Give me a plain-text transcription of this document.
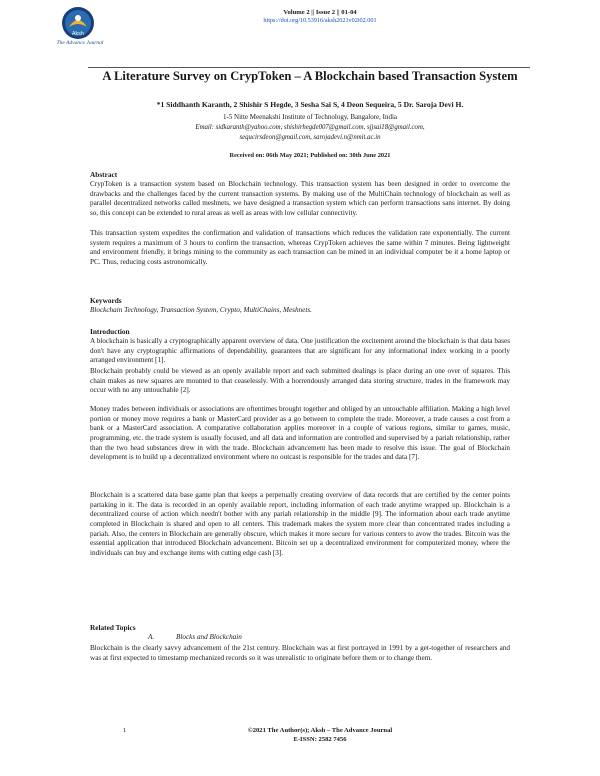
Aksh
The Advance Journal
Volume 2 || Issue 2 || 01-04
https://doi.org/10.53916/aksh2021v02i02.001
A Literature Survey on CrypToken – A Blockchain based Transaction System
*1 Siddhanth Karanth, 2 Shishir S Hegde, 3 Sesha Sai S, 4 Deon Sequeira, 5 Dr. Saroja Devi H.
1-5 Nitte Meenakshi Institute of Technology, Bangalore, India
Email: sidkaranth@yahoo.com, shishirhegde007@gmail.com, sjjsai18@gmail.com,
sequcirsdeon@gmail.com, sarojadevi.n@nmit.ac.in
Received on: 06th May 2021; Published on: 30th June 2021
Abstract
CrypToken is a transaction system based on Blockchain technology. This transaction system has been designed in order to overcome the drawbacks and the challenges faced by the current transaction systems. By making use of the MultiChain technology of blockchain as well as parallel decentralized networks called meshnets, we have designed a transaction system which can perform transactions sans internet. By doing so, this concept can be extended to rural areas as well as areas with low cellular connectivity.
This transaction system expedites the confirmation and validation of transactions which reduces the validation rate exponentially. The current system requires a maximum of 3 hours to confirm the transaction, whereas CrypToken achieves the same within 7 minutes. Being lightweight and environment friendly, it brings mining to the community as each transaction can be mined in an individual computer be it a home laptop or PC. Thus, reducing costs astronomically.
Keywords
Blockchain Technology, Transaction System, Crypto, MultiChains, Meshnets.
Introduction
A blockchain is basically a cryptographically apparent overview of data. One justification the excitement around the blockchain is that data bases don't have any cryptographic affirmations of dependability, guarantees that are significant for any informational index working in a poorly arranged environment [1].
Blockchain probably could be viewed as an openly available report and each submitted dealings is place during an one over of squares. This chain makes as new squares are mounted to that ceaselessly. With a horrendously arranged data storing structure, trades in the framework may occur with no any untouchable [2].
Money trades between individuals or associations are oftentimes brought together and obliged by an untouchable affiliation. Making a high level portion or money move requires a bank or MasterCard provider as a go between to complete the trade. Moreover, a trade causes a cost from a bank or a MasterCard association. A comparative collaboration applies moreover in a couple of various regions, similar to games, music, programming, etc. the trade system is usually focused, and all data and information are controlled and supervised by a pariah relationship, rather than the two head substances drew in with the trade. Blockchain advancement has been made to resolve this issue. The goal of Blockchain development is to build up a decentralized environment where no outcast is responsible for the trades and data [7].
Blockchain is a scattered data base game plan that keeps a perpetually creating overview of data records that are certified by the center points partaking in it. The data is recorded in an openly available report, including information of each trade anytime wrapped up. Blockchain is a decentralized course of action which needn't bother with any pariah relationship in the middle [9]. The information about each trade anytime completed in Blockchain is shared and open to all centers. This trademark makes the system more clear than concentrated trades including a pariah. Also, the centers in Blockchain are generally obscure, which makes it more secure for various centers to avow the trades. Bitcoin was the essential application that introduced Blockchain advancement. Bitcoin set up a decentralized environment for computerized money, where the individuals can buy and exchange items with cutting edge cash [3].
Related Topics
A.	Blocks and Blockchain
Blockchain is the clearly savvy advancement of the 21st century. Blockchain was at first portrayed in 1991 by a get-together of researchers and was at first expected to timestamp mechanized records so it was unrealistic to originate before them or to change them.
1	©2021 The Author(s); Aksh – The Advance Journal
E-ISSN: 2582 7456
